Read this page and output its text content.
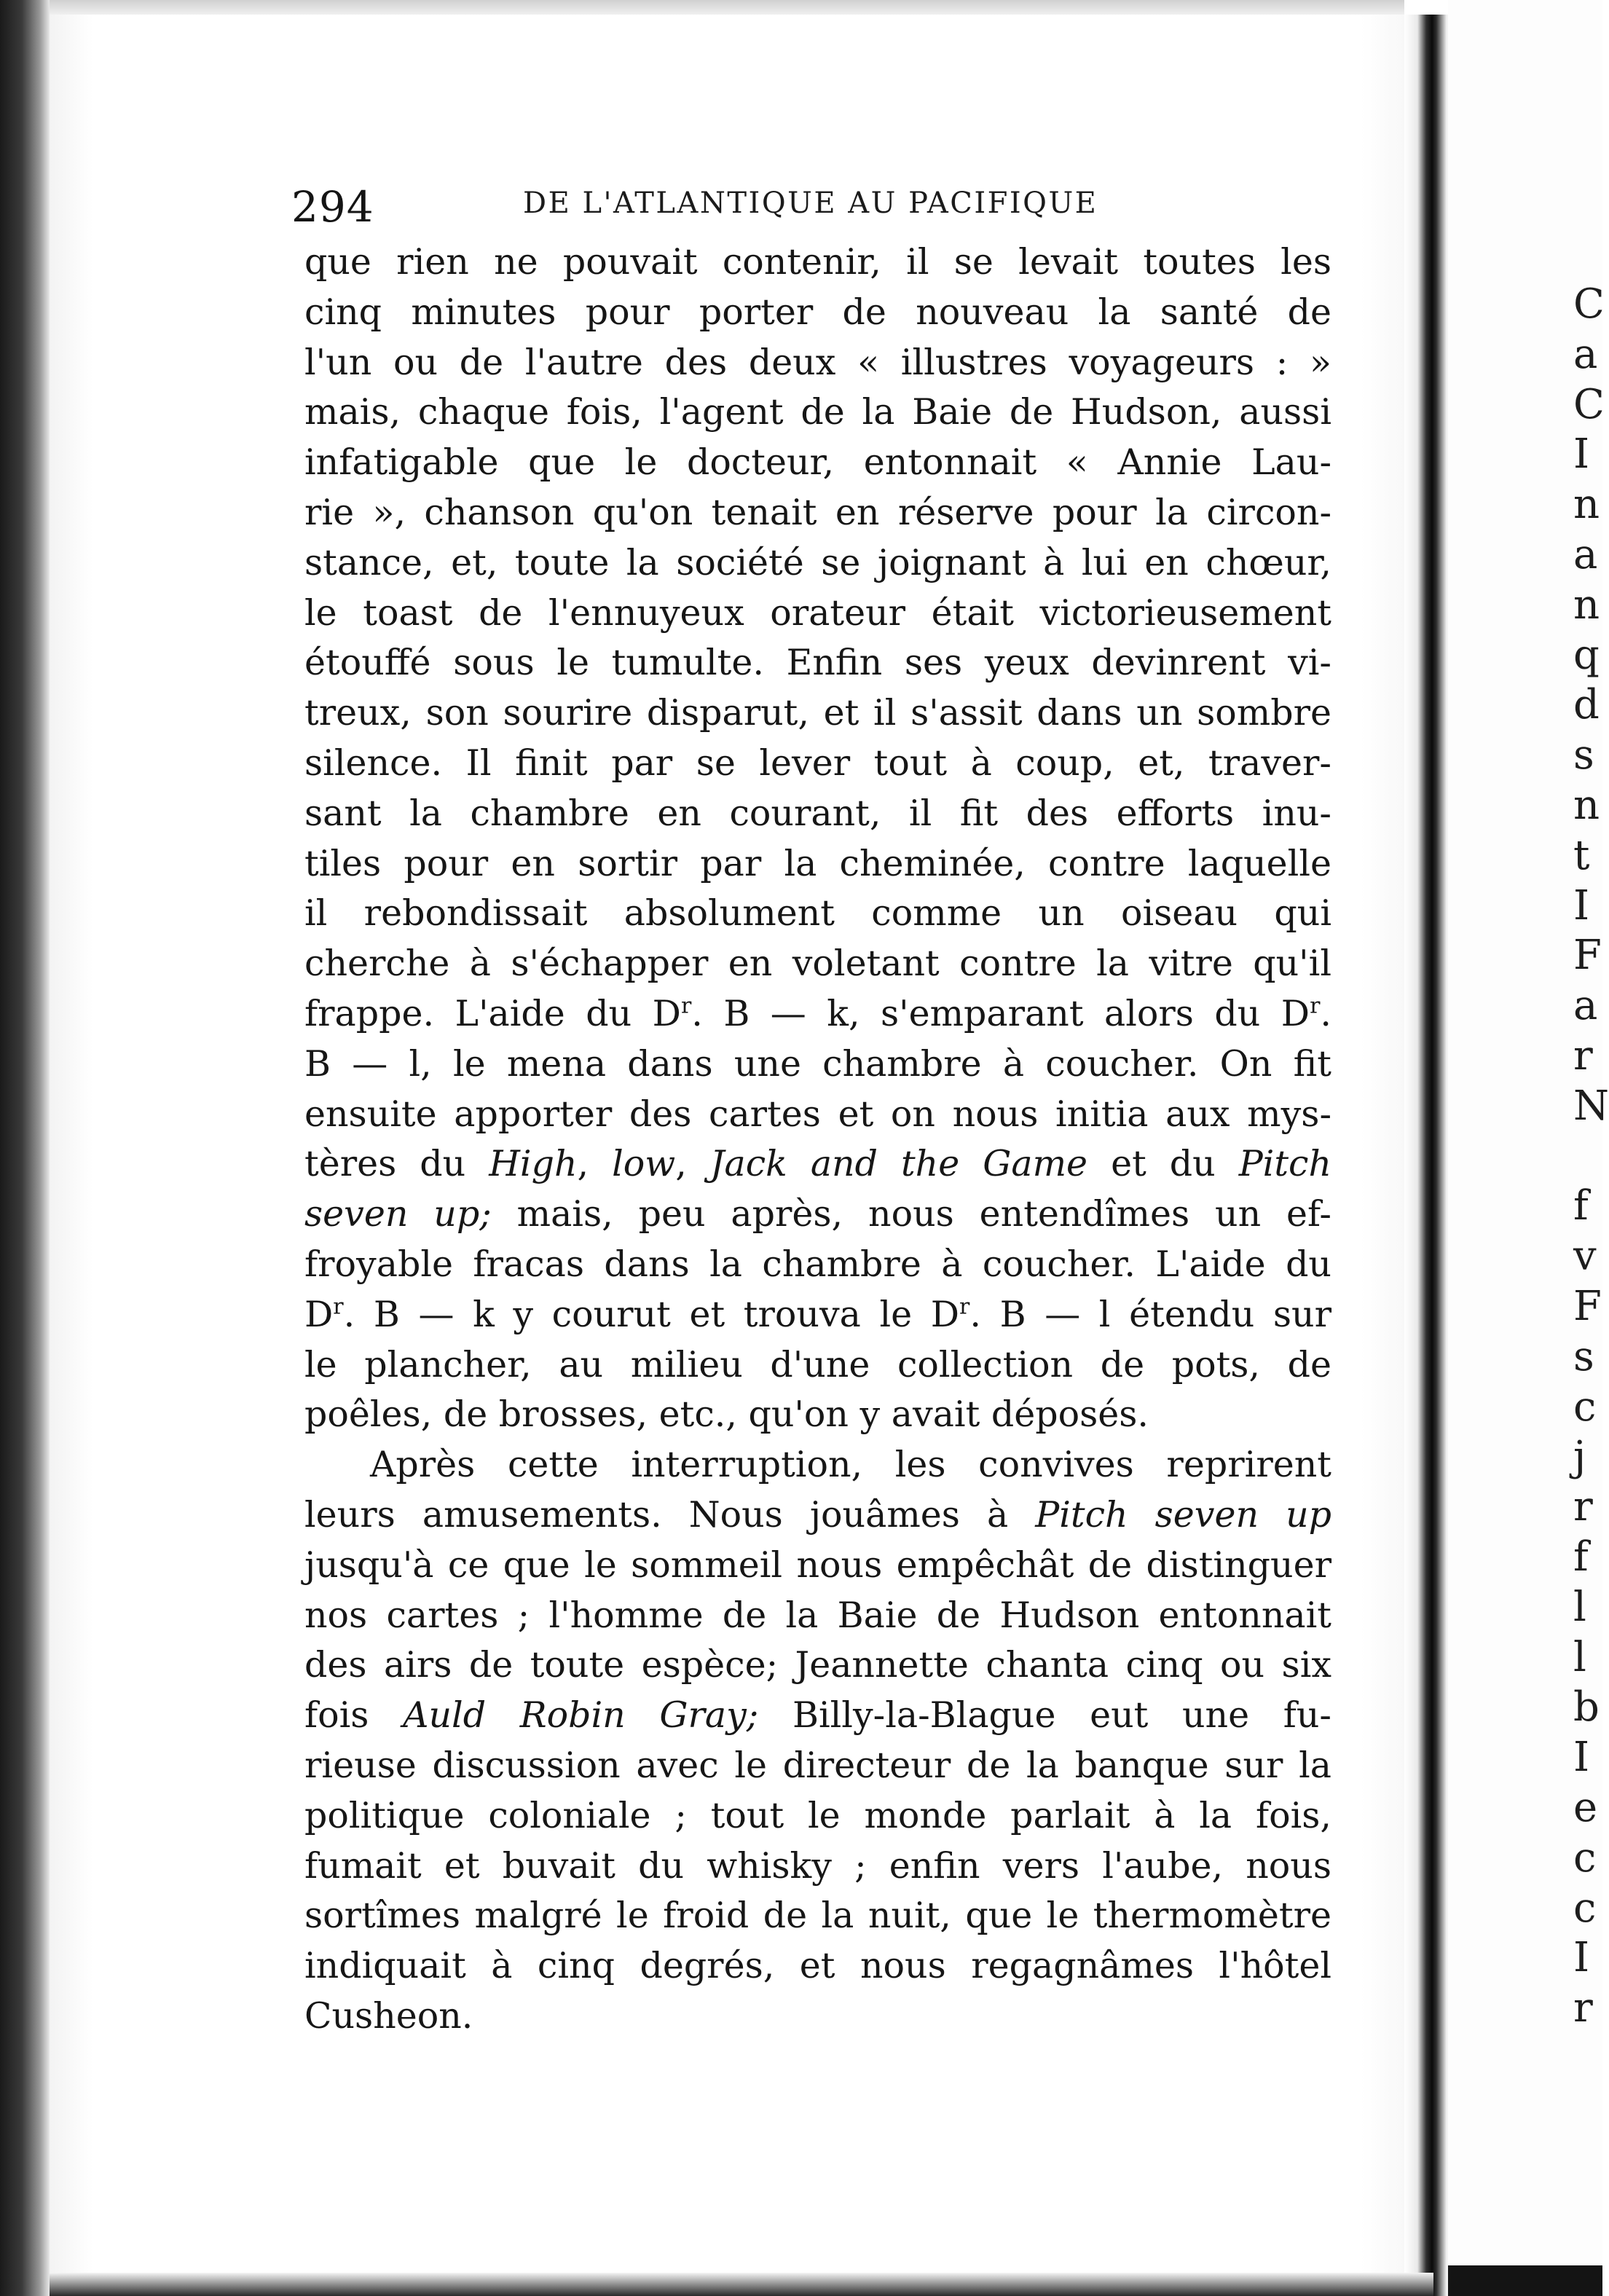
C
a
C
I
n
a
n
q
d
s
n
t
I
F
a
r
N
f
v
F
s
c
j
r
f
l
l
b
I
e
c
c
I
r
294	DE L'ATLANTIQUE AU PACIFIQUE
que rien ne pouvait contenir, il se levait toutes les
cinq minutes pour porter de nouveau la santé de
l'un ou de l'autre des deux « illustres voyageurs : »
mais, chaque fois, l'agent de la Baie de Hudson, aussi
infatigable que le docteur, entonnait « Annie Lau-
rie », chanson qu'on tenait en réserve pour la circon-
stance, et, toute la société se joignant à lui en chœur,
le toast de l'ennuyeux orateur était victorieusement
étouffé sous le tumulte. Enfin ses yeux devinrent vi-
treux, son sourire disparut, et il s'assit dans un sombre
silence. Il finit par se lever tout à coup, et, traver-
sant la chambre en courant, il fit des efforts inu-
tiles pour en sortir par la cheminée, contre laquelle
il rebondissait absolument comme un oiseau qui
cherche à s'échapper en voletant contre la vitre qu'il
frappe. L'aide du $D^r$. B — k, s'emparant alors du $D^r$.
B — l, le mena dans une chambre à coucher. On fit
ensuite apporter des cartes et on nous initia aux mys-
tères du High, low, Jack and the Game et du Pitch
seven up; mais, peu après, nous entendîmes un ef-
froyable fracas dans la chambre à coucher. L'aide du
$D^r$. B — k y courut et trouva le $D^r$. B — l étendu sur
le plancher, au milieu d'une collection de pots, de
poêles, de brosses, etc., qu'on y avait déposés.
Après cette interruption, les convives reprirent
leurs amusements. Nous jouâmes à Pitch seven up
jusqu'à ce que le sommeil nous empêchât de distinguer
nos cartes ; l'homme de la Baie de Hudson entonnait
des airs de toute espèce; Jeannette chanta cinq ou six
fois Auld Robin Gray; Billy-la-Blague eut une fu-
rieuse discussion avec le directeur de la banque sur la
politique coloniale ; tout le monde parlait à la fois,
fumait et buvait du whisky ; enfin vers l'aube, nous
sortîmes malgré le froid de la nuit, que le thermomètre
indiquait à cinq degrés, et nous regagnâmes l'hôtel
Cusheon.
